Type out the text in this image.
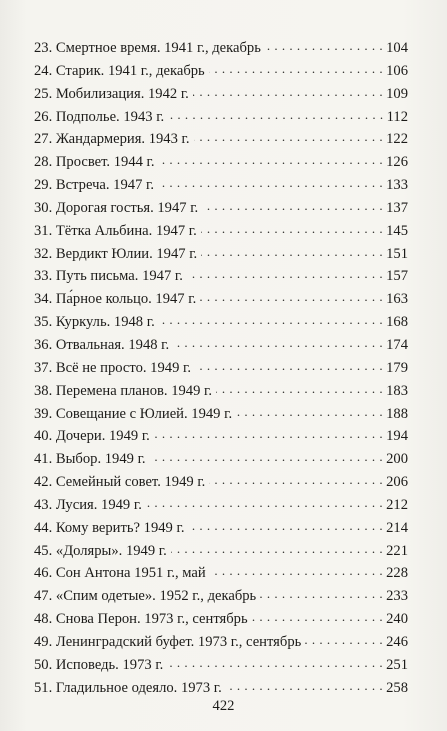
23. Смертное время. 1941 г., декабрь . . .	104
24. Старик. 1941 г., декабрь . . .	106
25. Мобилизация. 1942 г. . . .	109
26. Подполье. 1943 г. . . .	112
27. Жандармерия. 1943 г. . . .	122
28. Просвет. 1944 г. . . .	126
29. Встреча. 1947 г. . . .	133
30. Дорогая гостья. 1947 г. . . .	137
31. Тётка Альбина. 1947 г. . . .	145
32. Вердикт Юлии. 1947 г. . . .	151
33. Путь письма. 1947 г. . . .	157
34. Па́рное кольцо. 1947 г. . . .	163
35. Куркуль. 1948 г. . . .	168
36. Отвальная. 1948 г. . . .	174
37. Всё не просто. 1949 г. . . .	179
38. Перемена планов. 1949 г. . . .	183
39. Совещание с Юлией. 1949 г. . . .	188
40. Дочери. 1949 г. . . .	194
41. Выбор. 1949 г. . . .	200
42. Семейный совет. 1949 г. . . .	206
43. Лусия. 1949 г. . . .	212
44. Кому верить? 1949 г. . . .	214
45. «Доляры». 1949 г. . . .	221
46. Сон Антона 1951 г., май . . .	228
47. «Спим одетые». 1952 г., декабрь . . .	233
48. Снова Перон. 1973 г., сентябрь . . .	240
49. Ленинградский буфет. 1973 г., сентябрь . . .	246
50. Исповедь. 1973 г. . . .	251
51. Гладильное одеяло. 1973 г. . . .	258
422
